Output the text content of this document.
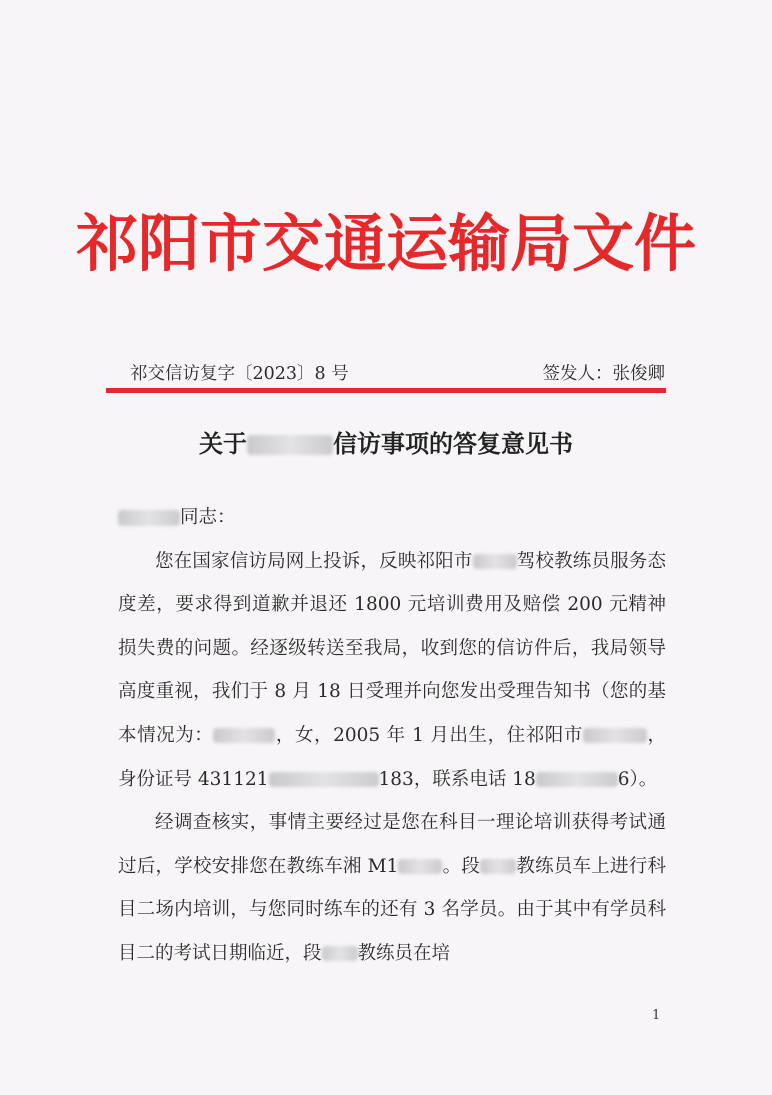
祁阳市交通运输局文件
祁交信访复字〔2023〕8 号	签发人：张俊卿
关于	信访事项的答复意见书

同志：

您在国家信访局网上投诉，反映祁阳市 驾校教练员服务态度差，要求得到道歉并退还 1800 元培训费用及赔偿 200 元精神损失费的问题。经逐级转送至我局，收到您的信访件后，我局领导高度重视，我们于 8 月 18 日受理并向您发出受理告知书（您的基本情况为：	，女，2005 年 1 月出生，住祁阳市	，身份证号 431121	183，联系电话 18	6）。

经调查核实，事情主要经过是您在科目一理论培训获得考试通过后，学校安排您在教练车湘 M1 。段 教练员车上进行科目二场内培训，与您同时练车的还有 3 名学员。由于其中有学员科目二的考试日期临近，段 教练员在培

1
